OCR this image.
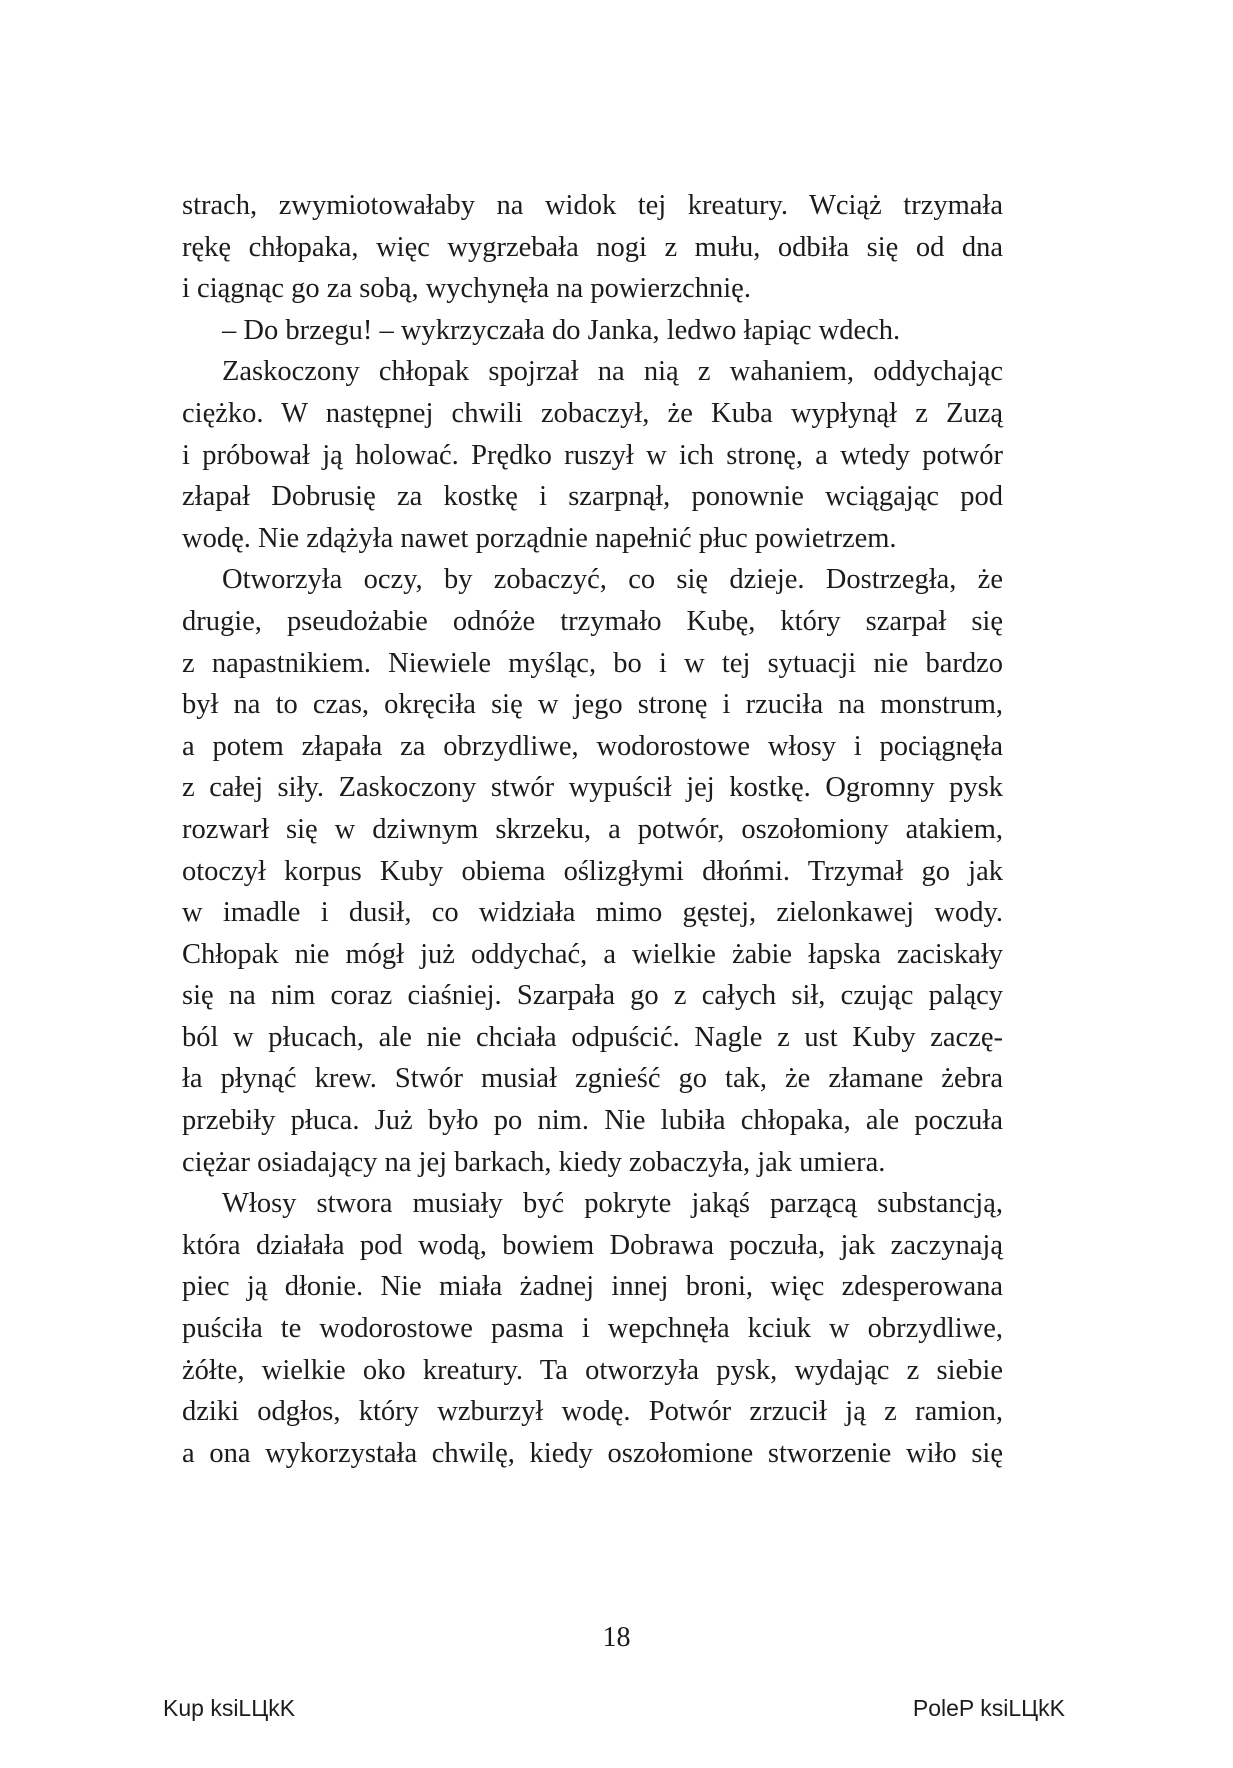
strach, zwymiotowałaby na widok tej kreatury. Wciąż trzymała
rękę chłopaka, więc wygrzebała nogi z mułu, odbiła się od dna
i ciągnąc go za sobą, wychynęła na powierzchnię.
– Do brzegu! – wykrzyczała do Janka, ledwo łapiąc wdech.
Zaskoczony chłopak spojrzał na nią z wahaniem, oddychając
ciężko. W następnej chwili zobaczył, że Kuba wypłynął z Zuzą
i próbował ją holować. Prędko ruszył w ich stronę, a wtedy potwór
złapał Dobrusię za kostkę i szarpnął, ponownie wciągając pod
wodę. Nie zdążyła nawet porządnie napełnić płuc powietrzem.
Otworzyła oczy, by zobaczyć, co się dzieje. Dostrzegła, że
drugie, pseudożabie odnóże trzymało Kubę, który szarpał się
z napastnikiem. Niewiele myśląc, bo i w tej sytuacji nie bardzo
był na to czas, okręciła się w jego stronę i rzuciła na monstrum,
a potem złapała za obrzydliwe, wodorostowe włosy i pociągnęła
z całej siły. Zaskoczony stwór wypuścił jej kostkę. Ogromny pysk
rozwarł się w dziwnym skrzeku, a potwór, oszołomiony atakiem,
otoczył korpus Kuby obiema oślizgłymi dłońmi. Trzymał go jak
w imadle i dusił, co widziała mimo gęstej, zielonkawej wody.
Chłopak nie mógł już oddychać, a wielkie żabie łapska zaciskały
się na nim coraz ciaśniej. Szarpała go z całych sił, czując palący
ból w płucach, ale nie chciała odpuścić. Nagle z ust Kuby zaczę-
ła płynąć krew. Stwór musiał zgnieść go tak, że złamane żebra
przebiły płuca. Już było po nim. Nie lubiła chłopaka, ale poczuła
ciężar osiadający na jej barkach, kiedy zobaczyła, jak umiera.
Włosy stwora musiały być pokryte jakąś parzącą substancją,
która działała pod wodą, bowiem Dobrawa poczuła, jak zaczynają
piec ją dłonie. Nie miała żadnej innej broni, więc zdesperowana
puściła te wodorostowe pasma i wepchnęła kciuk w obrzydliwe,
żółte, wielkie oko kreatury. Ta otworzyła pysk, wydając z siebie
dziki odgłos, który wzburzył wodę. Potwór zrzucił ją z ramion,
a ona wykorzystała chwilę, kiedy oszołomione stworzenie wiło się
18
Kup ksiLЦkK	PoleP ksiLЦkK
